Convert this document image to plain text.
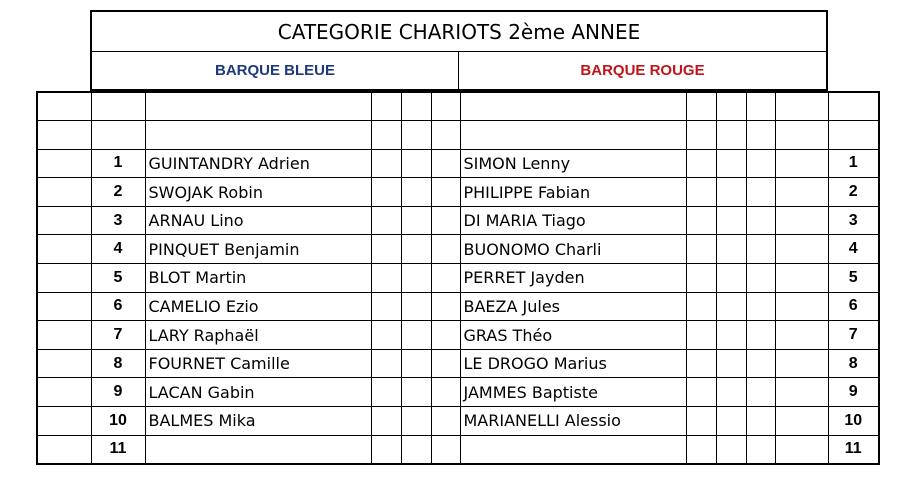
CATEGORIE CHARIOTS 2ème ANNEE
BARQUE BLEUE	BARQUE ROUGE

	1	GUINTANDRY Adrien				SIMON Lenny					1
	2	SWOJAK Robin				PHILIPPE Fabian					2
	3	ARNAU Lino				DI MARIA Tiago					3
	4	PINQUET Benjamin				BUONOMO Charli					4
	5	BLOT Martin				PERRET Jayden					5
	6	CAMELIO Ezio				BAEZA Jules					6
	7	LARY Raphaël				GRAS Théo					7
	8	FOURNET Camille				LE DROGO Marius					8
	9	LACAN Gabin				JAMMES Baptiste					9
	10	BALMES Mika				MARIANELLI Alessio					10
	11										11
